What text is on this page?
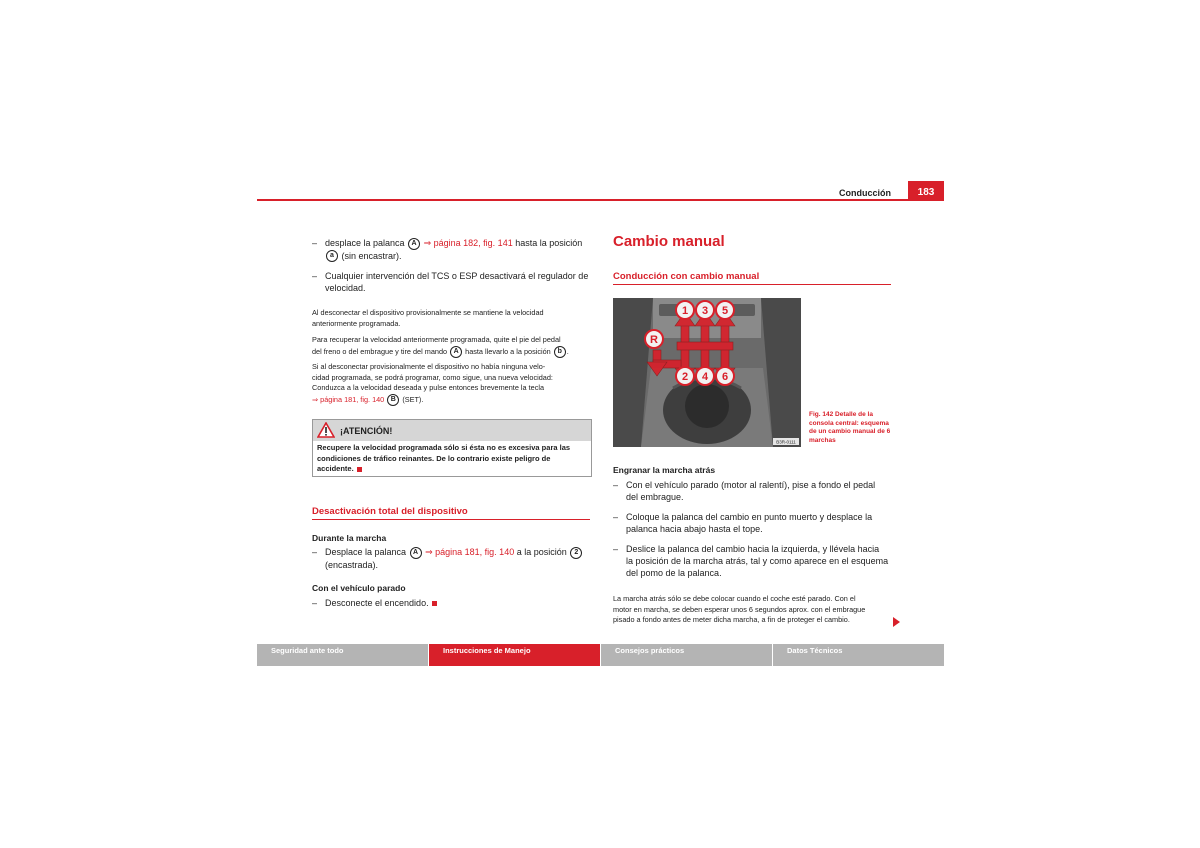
Conducción	183
– desplace la palanca A ⇒ página 182, fig. 141 hasta la posición
a (sin encastrar).
– Cualquier intervención del TCS o ESP desactivará el regulador de
velocidad.
Al desconectar el dispositivo provisionalmente se mantiene la velocidad
anteriormente programada.
Para recuperar la velocidad anteriormente programada, quite el pie del pedal
del freno o del embrague y tire del mando A hasta llevarlo a la posición b .
Si al desconectar provisionalmente el dispositivo no había ninguna velo-
cidad programada, se podrá programar, como sigue, una nueva velocidad:
Conduzca a la velocidad deseada y pulse entonces brevemente la tecla
⇒ página 181, fig. 140 B (SET).
¡ATENCIÓN!
Recupere la velocidad programada sólo si ésta no es excesiva para las
condiciones de tráfico reinantes. De lo contrario existe peligro de
accidente.
Desactivación total del dispositivo
Durante la marcha
– Desplace la palanca A ⇒ página 181, fig. 140 a la posición 2
(encastrada).
Con el vehículo parado
– Desconecte el encendido.
Cambio manual
Conducción con cambio manual
1 3 5
R
2 4 6
B3R-0111
Fig. 142 Detalle de la consola central: esquema de un cambio manual de 6 marchas
Engranar la marcha atrás
– Con el vehículo parado (motor al ralentí), pise a fondo el pedal
del embrague.
– Coloque la palanca del cambio en punto muerto y desplace la
palanca hacia abajo hasta el tope.
– Deslice la palanca del cambio hacia la izquierda, y llévela hacia
la posición de la marcha atrás, tal y como aparece en el esquema
del pomo de la palanca.
La marcha atrás sólo se debe colocar cuando el coche esté parado. Con el
motor en marcha, se deben esperar unos 6 segundos aprox. con el embrague
pisado a fondo antes de meter dicha marcha, a fin de proteger el cambio.
Seguridad ante todo	Instrucciones de Manejo	Consejos prácticos	Datos Técnicos
